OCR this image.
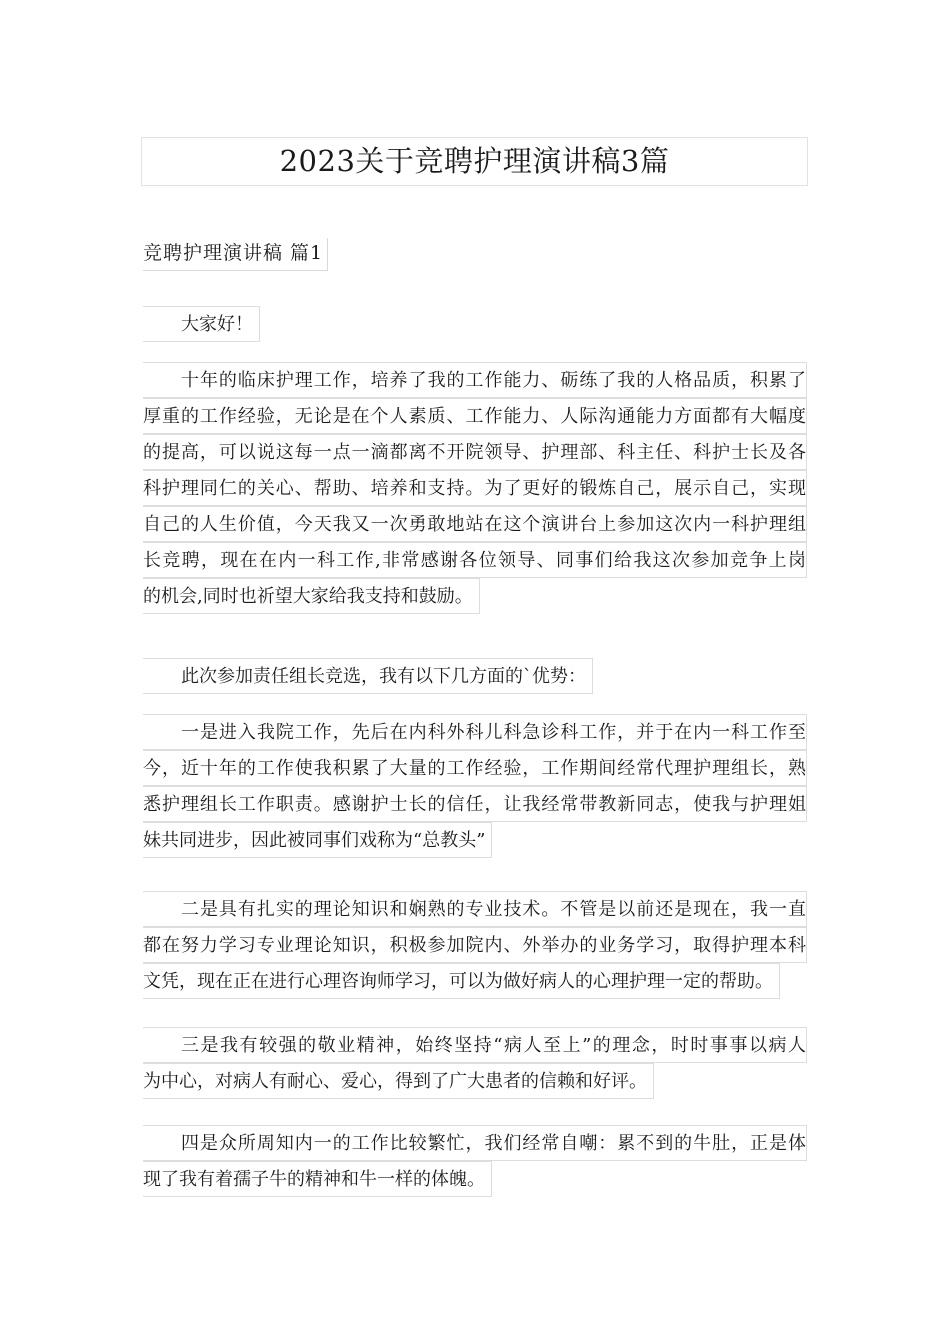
2023关于竞聘护理演讲稿3篇
竞聘护理演讲稿 篇1
大家好！
十年的临床护理工作，培养了我的工作能力、砺练了我的人格品质，积累了
厚重的工作经验，无论是在个人素质、工作能力、人际沟通能力方面都有大幅度
的提高，可以说这每一点一滴都离不开院领导、护理部、科主任、科护士长及各
科护理同仁的关心、帮助、培养和支持。为了更好的锻炼自己，展示自己，实现
自己的人生价值，今天我又一次勇敢地站在这个演讲台上参加这次内一科护理组
长竞聘，现在在内一科工作,非常感谢各位领导、同事们给我这次参加竞争上岗
的机会,同时也祈望大家给我支持和鼓励。
此次参加责任组长竞选，我有以下几方面的`优势：
一是进入我院工作，先后在内科外科儿科急诊科工作，并于在内一科工作至
今，近十年的工作使我积累了大量的工作经验，工作期间经常代理护理组长，熟
悉护理组长工作职责。感谢护士长的信任，让我经常带教新同志，使我与护理姐
妹共同进步，因此被同事们戏称为“总教头”
二是具有扎实的理论知识和娴熟的专业技术。不管是以前还是现在，我一直
都在努力学习专业理论知识，积极参加院内、外举办的业务学习，取得护理本科
文凭，现在正在进行心理咨询师学习，可以为做好病人的心理护理一定的帮助。
三是我有较强的敬业精神，始终坚持“病人至上”的理念，时时事事以病人
为中心，对病人有耐心、爱心，得到了广大患者的信赖和好评。
四是众所周知内一的工作比较繁忙，我们经常自嘲：累不到的牛肚，正是体
现了我有着孺子牛的精神和牛一样的体魄。
